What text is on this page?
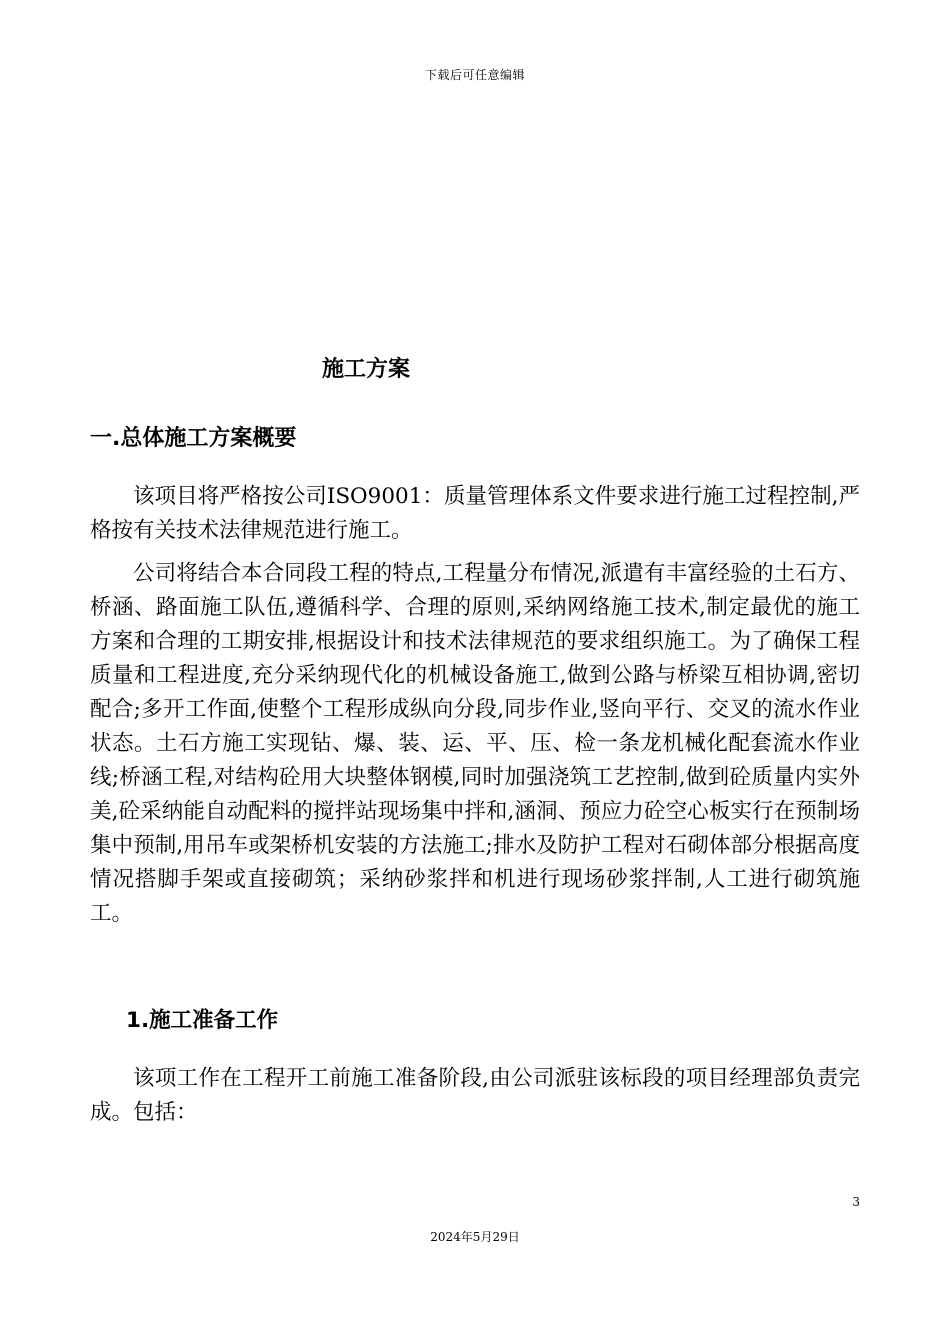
下载后可任意编辑
施工方案
一.总体施工方案概要

该项目将严格按公司ISO9001：质量管理体系文件要求进行施工过程控制,严格按有关技术法律规范进行施工。

公司将结合本合同段工程的特点,工程量分布情况,派遣有丰富经验的土石方、桥涵、路面施工队伍,遵循科学、合理的原则,采纳网络施工技术,制定最优的施工方案和合理的工期安排,根据设计和技术法律规范的要求组织施工。为了确保工程质量和工程进度,充分采纳现代化的机械设备施工,做到公路与桥梁互相协调,密切配合;多开工作面,使整个工程形成纵向分段,同步作业,竖向平行、交叉的流水作业状态。土石方施工实现钻、爆、装、运、平、压、检一条龙机械化配套流水作业线;桥涵工程,对结构砼用大块整体钢模,同时加强浇筑工艺控制,做到砼质量内实外美,砼采纳能自动配料的搅拌站现场集中拌和,涵洞、预应力砼空心板实行在预制场集中预制,用吊车或架桥机安装的方法施工;排水及防护工程对石砌体部分根据高度情况搭脚手架或直接砌筑；采纳砂浆拌和机进行现场砂浆拌制,人工进行砌筑施工。

1.施工准备工作

该项工作在工程开工前施工准备阶段,由公司派驻该标段的项目经理部负责完成。包括：

3
2024年5月29日
